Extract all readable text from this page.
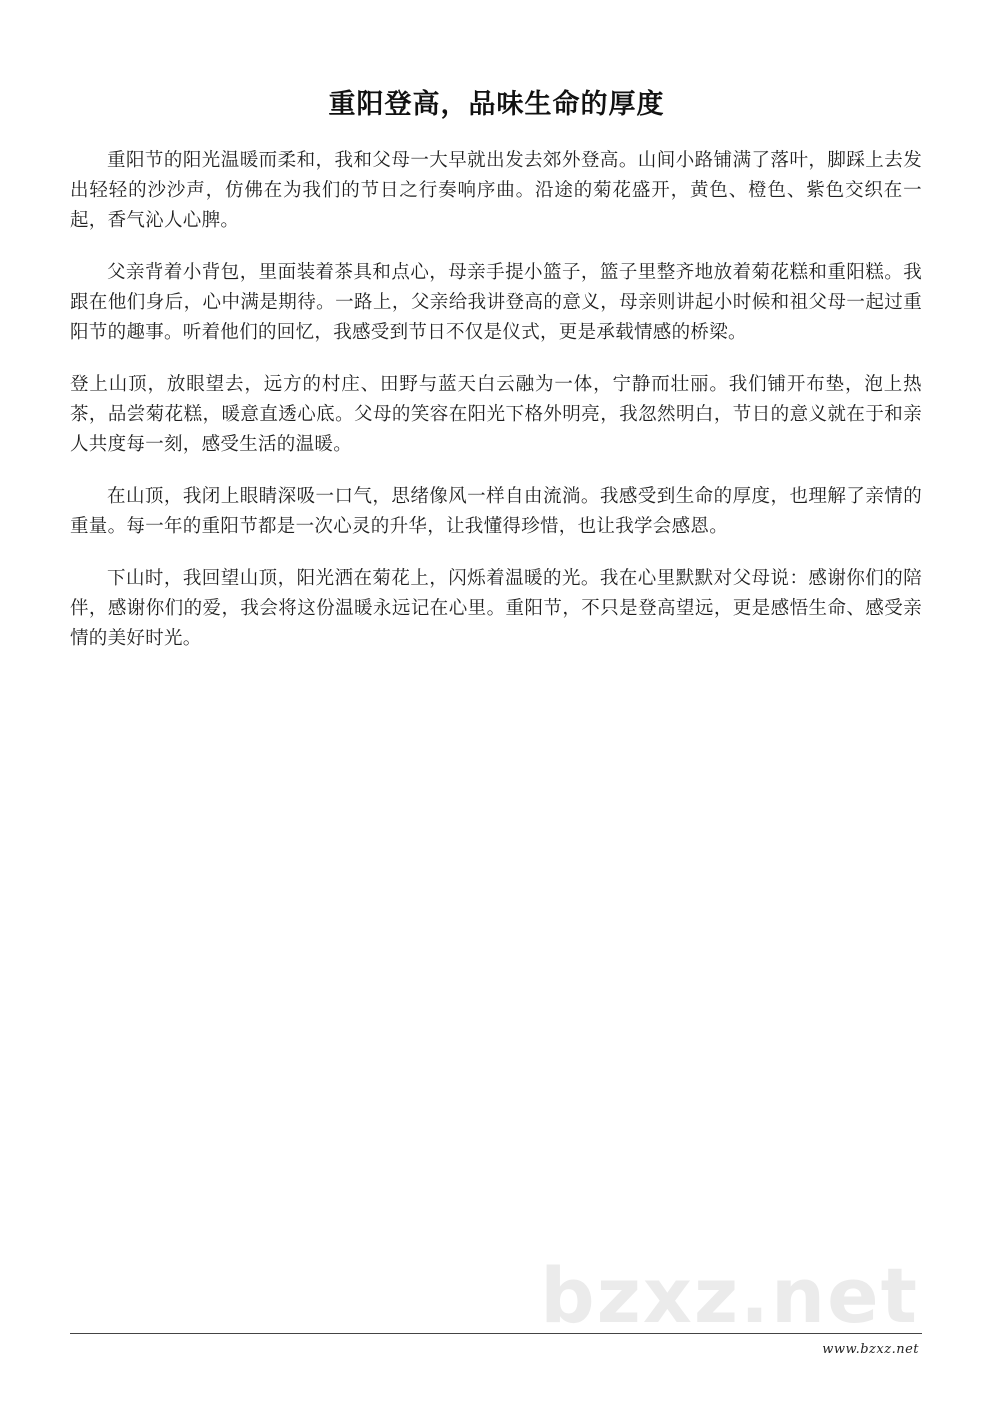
重阳登高，品味生命的厚度

重阳节的阳光温暖而柔和，我和父母一大早就出发去郊外登高。山间小路铺满了落叶，脚踩上去发出轻轻的沙沙声，仿佛在为我们的节日之行奏响序曲。沿途的菊花盛开，黄色、橙色、紫色交织在一起，香气沁人心脾。

父亲背着小背包，里面装着茶具和点心，母亲手提小篮子，篮子里整齐地放着菊花糕和重阳糕。我跟在他们身后，心中满是期待。一路上，父亲给我讲登高的意义，母亲则讲起小时候和祖父母一起过重阳节的趣事。听着他们的回忆，我感受到节日不仅是仪式，更是承载情感的桥梁。

登上山顶，放眼望去，远方的村庄、田野与蓝天白云融为一体，宁静而壮丽。我们铺开布垫，泡上热茶，品尝菊花糕，暖意直透心底。父母的笑容在阳光下格外明亮，我忽然明白，节日的意义就在于和亲人共度每一刻，感受生活的温暖。

在山顶，我闭上眼睛深吸一口气，思绪像风一样自由流淌。我感受到生命的厚度，也理解了亲情的重量。每一年的重阳节都是一次心灵的升华，让我懂得珍惜，也让我学会感恩。

下山时，我回望山顶，阳光洒在菊花上，闪烁着温暖的光。我在心里默默对父母说：感谢你们的陪伴，感谢你们的爱，我会将这份温暖永远记在心里。重阳节，不只是登高望远，更是感悟生命、感受亲情的美好时光。

bzxz.net
www.bzxz.net
